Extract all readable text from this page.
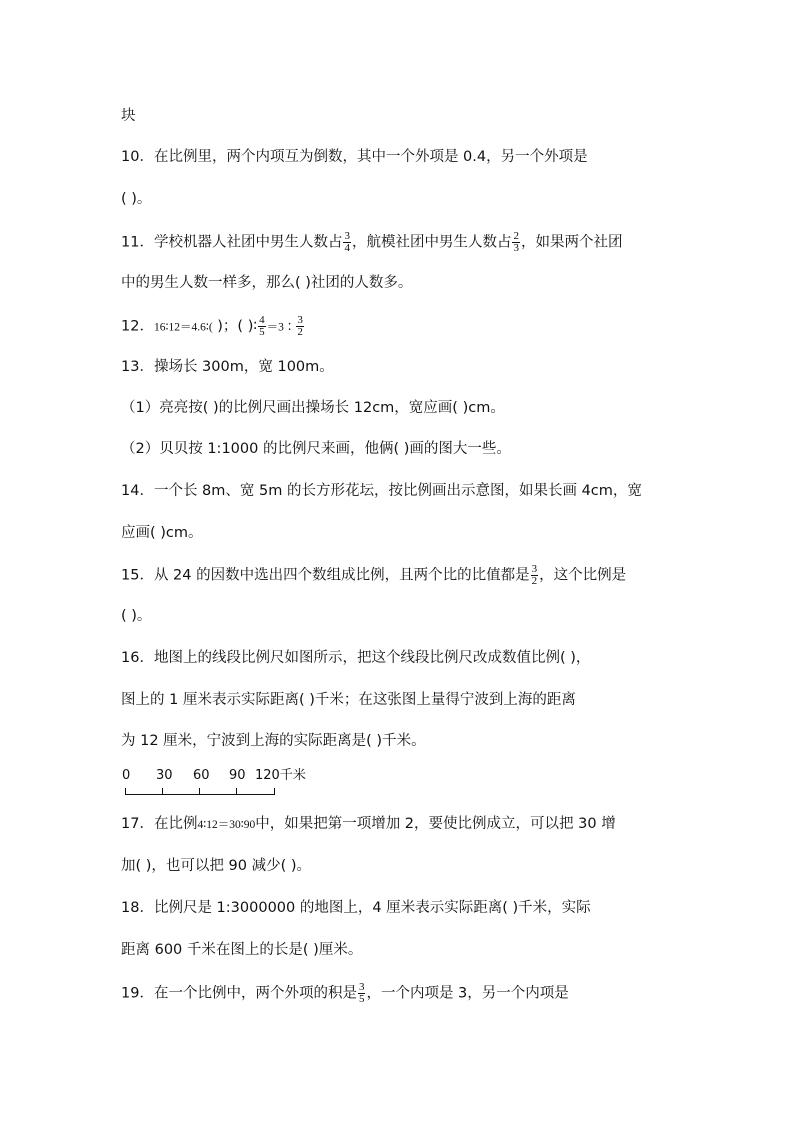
块
10．在比例里，两个内项互为倒数，其中一个外项是 0.4，另一个外项是
( )。
11．学校机器人社团中男生人数占 $\frac{3}{4}$ ，航模社团中男生人数占 $\frac{2}{3}$ ，如果两个社团
中的男生人数一样多，那么( )社团的人数多。
12．16∶12＝4.6∶( )；( )∶ $\frac{4}{5}$ ＝3∶ $\frac{3}{2}$
13．操场长 300m，宽 100m。
（1）亮亮按( )的比例尺画出操场长 12cm，宽应画( )cm。
（2）贝贝按 1:1000 的比例尺来画，他俩( )画的图大一些。
14．一个长 8m、宽 5m 的长方形花坛，按比例画出示意图，如果长画 4cm，宽
应画( )cm。
15．从 24 的因数中选出四个数组成比例，且两个比的比值都是 $\frac{3}{2}$ ，这个比例是
( )。
16．地图上的线段比例尺如图所示，把这个线段比例尺改成数值比例( )，
图上的 1 厘米表示实际距离( )千米；在这张图上量得宁波到上海的距离
为 12 厘米，宁波到上海的实际距离是( )千米。
0 30 60 90 120千米
17．在比例4∶12＝30∶90中，如果把第一项增加 2，要使比例成立，可以把 30 增
加( )，也可以把 90 减少( )。
18．比例尺是 1:3000000 的地图上，4 厘米表示实际距离( )千米，实际
距离 600 千米在图上的长是( )厘米。
19．在一个比例中，两个外项的积是 $\frac{3}{5}$ ，一个内项是 3，另一个内项是
